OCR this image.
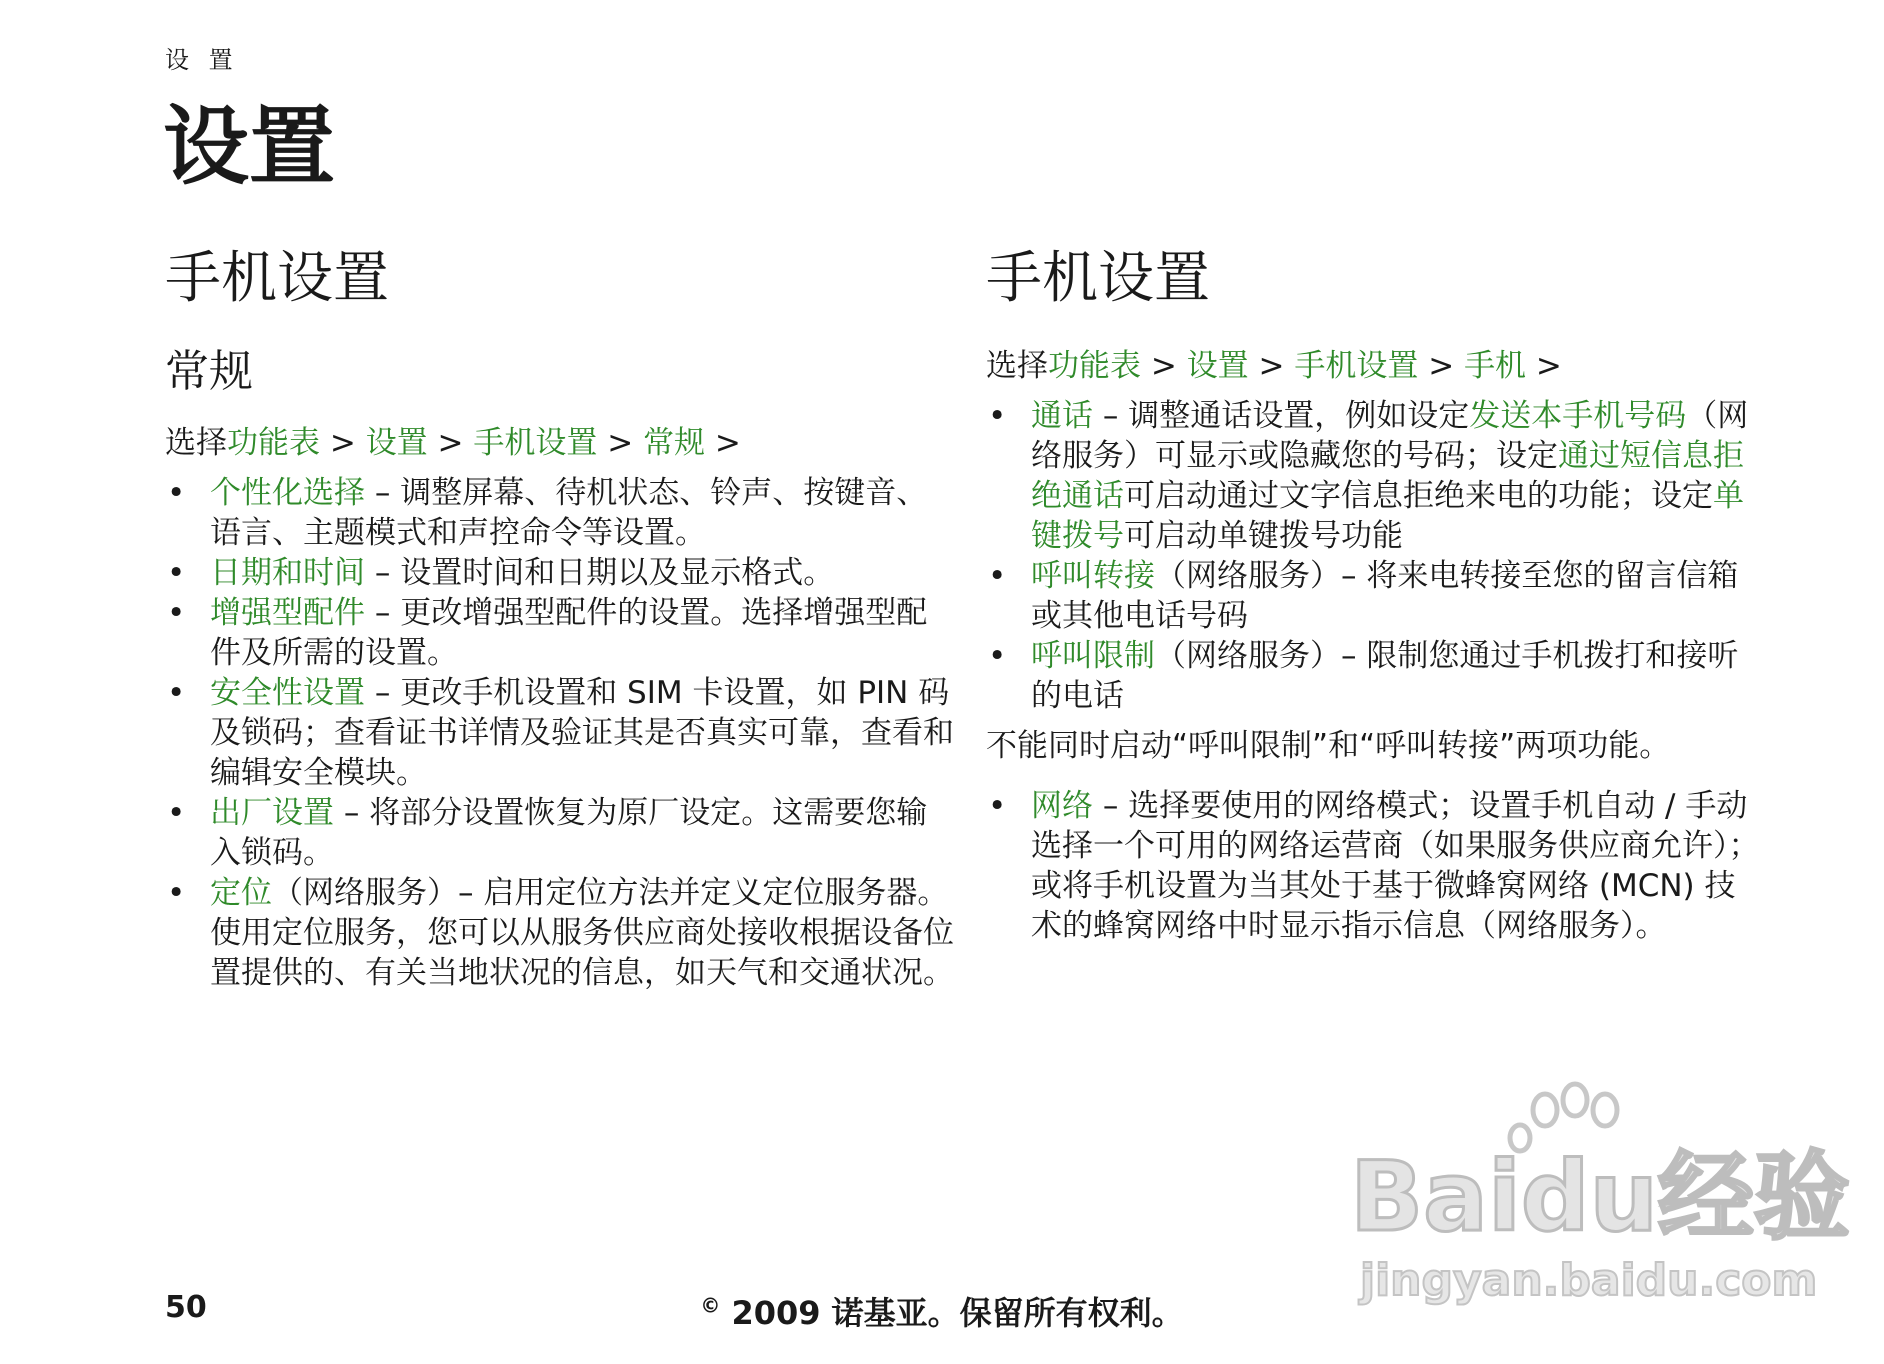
设 置
设置
手机设置
常规
选择功能表 > 设置 > 手机设置 > 常规 >
• 个性化选择 – 调整屏幕、待机状态、铃声、按键音、语言、主题模式和声控命令等设置。
• 日期和时间 – 设置时间和日期以及显示格式。
• 增强型配件 – 更改增强型配件的设置。选择增强型配件及所需的设置。
• 安全性设置 – 更改手机设置和 SIM 卡设置，如 PIN 码及锁码；查看证书详情及验证其是否真实可靠，查看和编辑安全模块。
• 出厂设置 – 将部分设置恢复为原厂设定。这需要您输入锁码。
• 定位（网络服务）– 启用定位方法并定义定位服务器。
使用定位服务，您可以从服务供应商处接收根据设备位置提供的、有关当地状况的信息，如天气和交通状况。
手机设置
选择功能表 > 设置 > 手机设置 > 手机 >
• 通话 – 调整通话设置，例如设定发送本手机号码（网络服务）可显示或隐藏您的号码；设定通过短信息拒绝通话可启动通过文字信息拒绝来电的功能；设定单键拨号可启动单键拨号功能
• 呼叫转接（网络服务）– 将来电转接至您的留言信箱或其他电话号码
• 呼叫限制（网络服务）– 限制您通过手机拨打和接听的电话
不能同时启动“呼叫限制”和“呼叫转接”两项功能。
• 网络 – 选择要使用的网络模式；设置手机自动 / 手动选择一个可用的网络运营商（如果服务供应商允许）；或将手机设置为当其处于基于微蜂窝网络 (MCN) 技术的蜂窝网络中时显示指示信息（网络服务）。
Baidu经验
jingyan.baidu.com
50	© 2009 诺基亚。保留所有权利。
